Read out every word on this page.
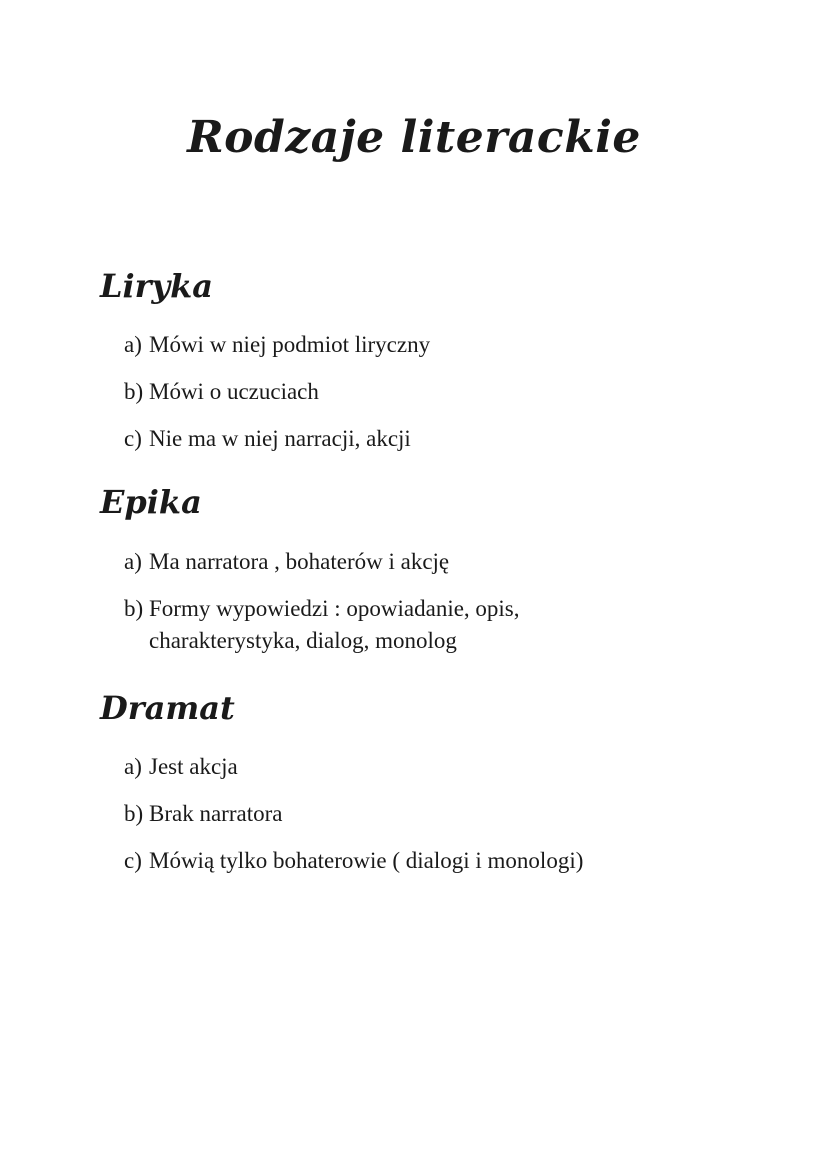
Rodzaje literackie
Liryka
a) Mówi w niej podmiot liryczny
b) Mówi o uczuciach
c) Nie ma w niej narracji, akcji
Epika
a) Ma narratora , bohaterów i akcję
b) Formy wypowiedzi : opowiadanie, opis, charakterystyka, dialog, monolog
Dramat
a) Jest akcja
b) Brak narratora
c) Mówią tylko bohaterowie ( dialogi i monologi)
